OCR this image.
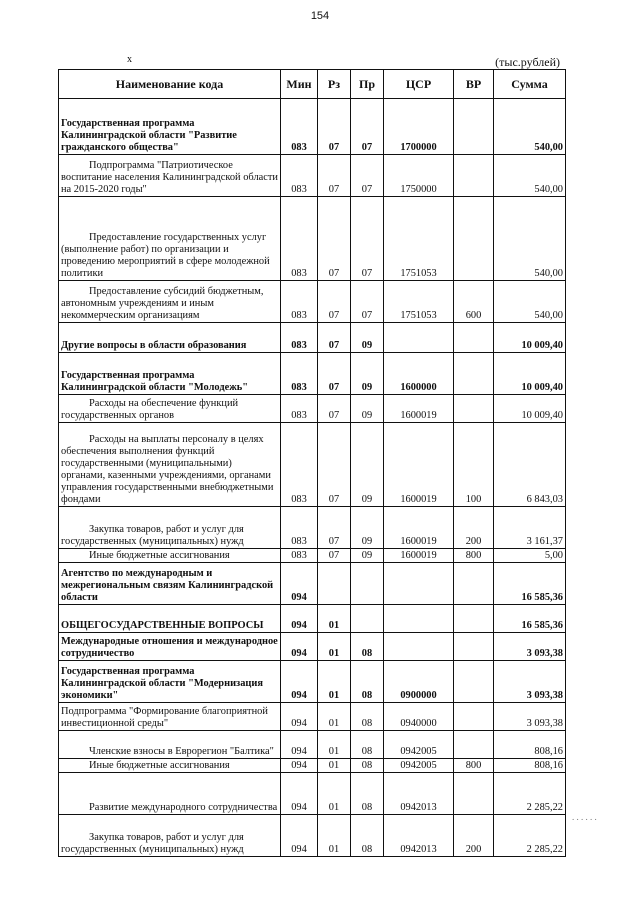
154
х	(тыс.рублей)
Наименование кода	Мин	Рз	Пр	ЦСР	ВР	Сумма
Государственная программа Калининградской области "Развитие гражданского общества"	083	07	07	1700000		540,00
Подпрограмма "Патриотическое воспитание населения Калининградской области на 2015-2020 годы"	083	07	07	1750000		540,00
Предоставление государственных услуг (выполнение работ) по организации и проведению мероприятий в сфере молодежной политики	083	07	07	1751053		540,00
Предоставление субсидий бюджетным, автономным учреждениям и иным некоммерческим организациям	083	07	07	1751053	600	540,00
Другие вопросы в области образования	083	07	09			10 009,40
Государственная программа Калининградской области "Молодежь"	083	07	09	1600000		10 009,40
Расходы на обеспечение функций государственных органов	083	07	09	1600019		10 009,40
Расходы на выплаты персоналу в целях обеспечения выполнения функций государственными (муниципальными) органами, казенными учреждениями, органами управления государственными внебюджетными фондами	083	07	09	1600019	100	6 843,03
Закупка товаров, работ и услуг для государственных (муниципальных) нужд	083	07	09	1600019	200	3 161,37
Иные бюджетные ассигнования	083	07	09	1600019	800	5,00
Агентство по международным и межрегиональным связям Калининградской области	094					16 585,36
ОБЩЕГОСУДАРСТВЕННЫЕ ВОПРОСЫ	094	01				16 585,36
Международные отношения и международное сотрудничество	094	01	08			3 093,38
Государственная программа Калининградской области "Модернизация экономики"	094	01	08	0900000		3 093,38
Подпрограмма "Формирование благоприятной инвестиционной среды"	094	01	08	0940000		3 093,38
Членские взносы в Еврорегион "Балтика"	094	01	08	0942005		808,16
Иные бюджетные ассигнования	094	01	08	0942005	800	808,16
Развитие международного сотрудничества	094	01	08	0942013		2 285,22
Закупка товаров, работ и услуг для государственных (муниципальных) нужд	094	01	08	0942013	200	2 285,22
. . . . . .
